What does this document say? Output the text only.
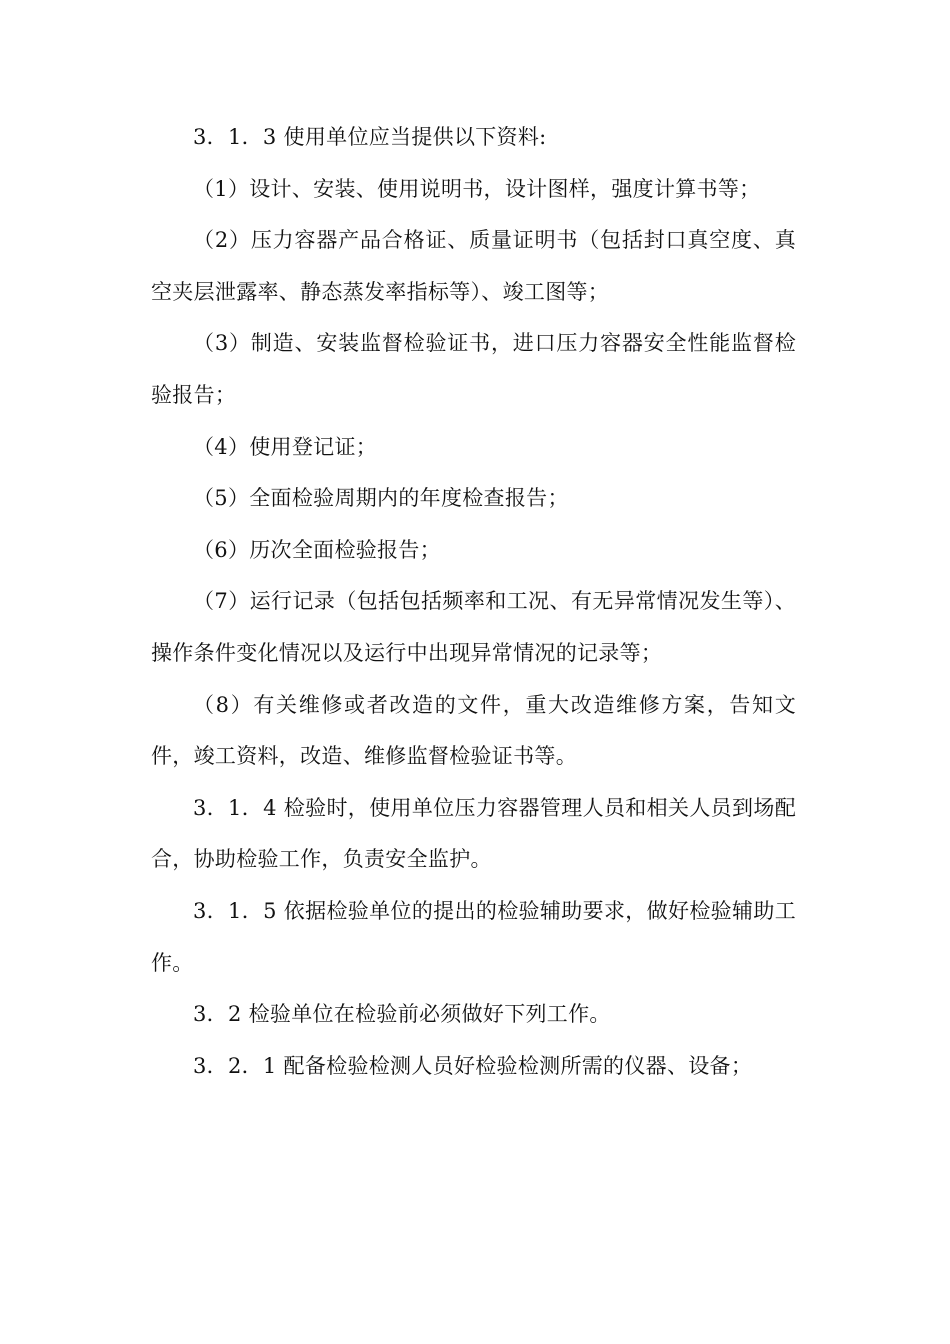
3．1．3 使用单位应当提供以下资料:

（1）设计、安装、使用说明书，设计图样，强度计算书等；

（2）压力容器产品合格证、质量证明书（包括封口真空度、真空夹层泄露率、静态蒸发率指标等）、竣工图等；

（3）制造、安装监督检验证书，进口压力容器安全性能监督检验报告；

（4）使用登记证；

（5）全面检验周期内的年度检查报告；

（6）历次全面检验报告；

（7）运行记录（包括包括频率和工况、有无异常情况发生等）、操作条件变化情况以及运行中出现异常情况的记录等；

（8）有关维修或者改造的文件，重大改造维修方案，告知文件，竣工资料，改造、维修监督检验证书等。

3．1．4 检验时，使用单位压力容器管理人员和相关人员到场配合，协助检验工作，负责安全监护。

3．1．5 依据检验单位的提出的检验辅助要求，做好检验辅助工作。

3．2 检验单位在检验前必须做好下列工作。

3．2．1 配备检验检测人员好检验检测所需的仪器、设备；
